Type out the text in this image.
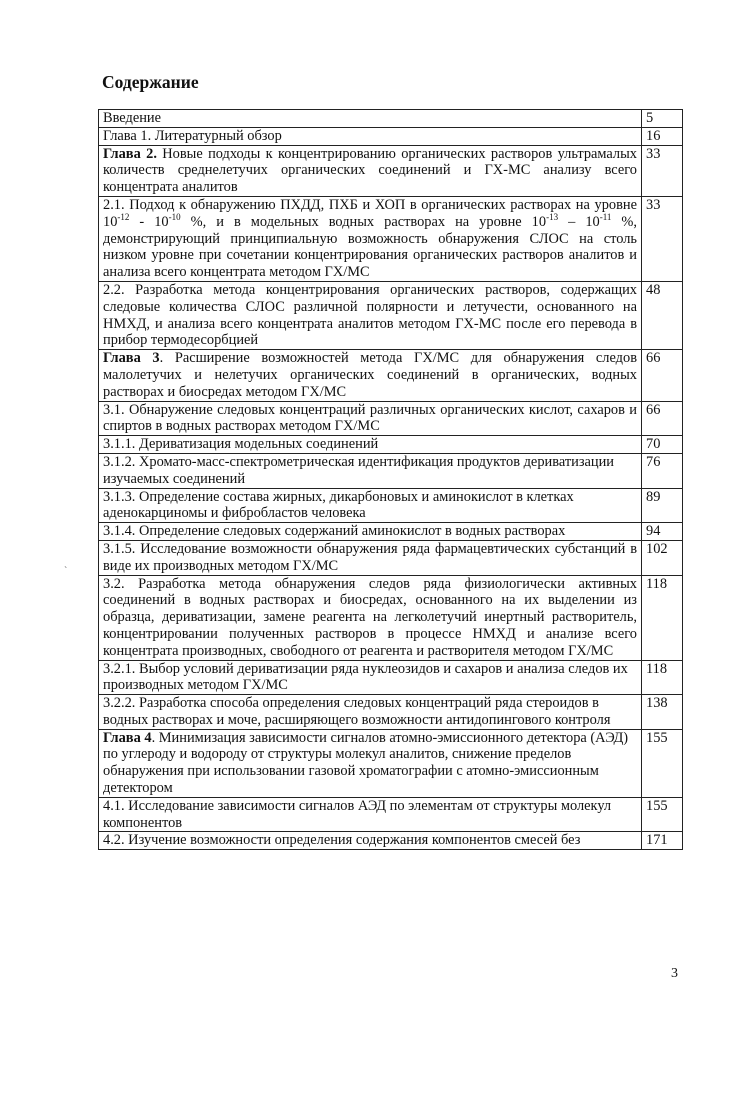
Содержание
Введение	5
Глава 1. Литературный обзор	16
Глава 2. Новые подходы к концентрированию органических растворов ультрамалых количеств среднелетучих органических соединений и ГХ-МС анализу всего концентрата аналитов	33
2.1. Подход к обнаружению ПХДД, ПХБ и ХОП в органических растворах на уровне $10^{-12} - 10^{-10}$ %, и в модельных водных растворах на уровне $10^{-13} - 10^{-11}$ %, демонстрирующий принципиальную возможность обнаружения СЛОС на столь низком уровне при сочетании концентрирования органических растворов аналитов и анализа всего концентрата методом ГХ/МС	33
2.2. Разработка метода концентрирования органических растворов, содержащих следовые количества СЛОС различной полярности и летучести, основанного на НМХД, и анализа всего концентрата аналитов методом ГХ-МС после его перевода в прибор термодесорбцией	48
Глава 3. Расширение возможностей метода ГХ/МС для обнаружения следов малолетучих и нелетучих органических соединений в органических, водных растворах и биосредах методом ГХ/МС	66
3.1. Обнаружение следовых концентраций различных органических кислот, сахаров и спиртов в водных растворах методом ГХ/МС	66
3.1.1. Дериватизация модельных соединений	70
3.1.2. Хромато-масс-спектрометрическая идентификация продуктов дериватизации изучаемых соединений	76
3.1.3. Определение состава жирных, дикарбоновых и аминокислот в клетках аденокарциномы и фибробластов человека	89
3.1.4. Определение следовых содержаний аминокислот в водных растворах	94
3.1.5. Исследование возможности обнаружения ряда фармацевтических субстанций в виде их производных методом ГХ/МС	102
3.2. Разработка метода обнаружения следов ряда физиологически активных соединений в водных растворах и биосредах, основанного на их выделении из образца, дериватизации, замене реагента на легколетучий инертный растворитель, концентрировании полученных растворов в процессе НМХД и анализе всего концентрата производных, свободного от реагента и растворителя методом ГХ/МС	118
3.2.1. Выбор условий дериватизации ряда нуклеозидов и сахаров и анализа следов их производных методом ГХ/МС	118
3.2.2. Разработка способа определения следовых концентраций ряда стероидов в водных растворах и моче, расширяющего возможности антидопингового контроля	138
Глава 4. Минимизация зависимости сигналов атомно-эмиссионного детектора (АЭД) по углероду и водороду от структуры молекул аналитов, снижение пределов обнаружения при использовании газовой хроматографии с атомно-эмиссионным детектором	155
4.1. Исследование зависимости сигналов АЭД по элементам от структуры молекул компонентов	155
4.2. Изучение возможности определения содержания компонентов смесей без	171
`
3
